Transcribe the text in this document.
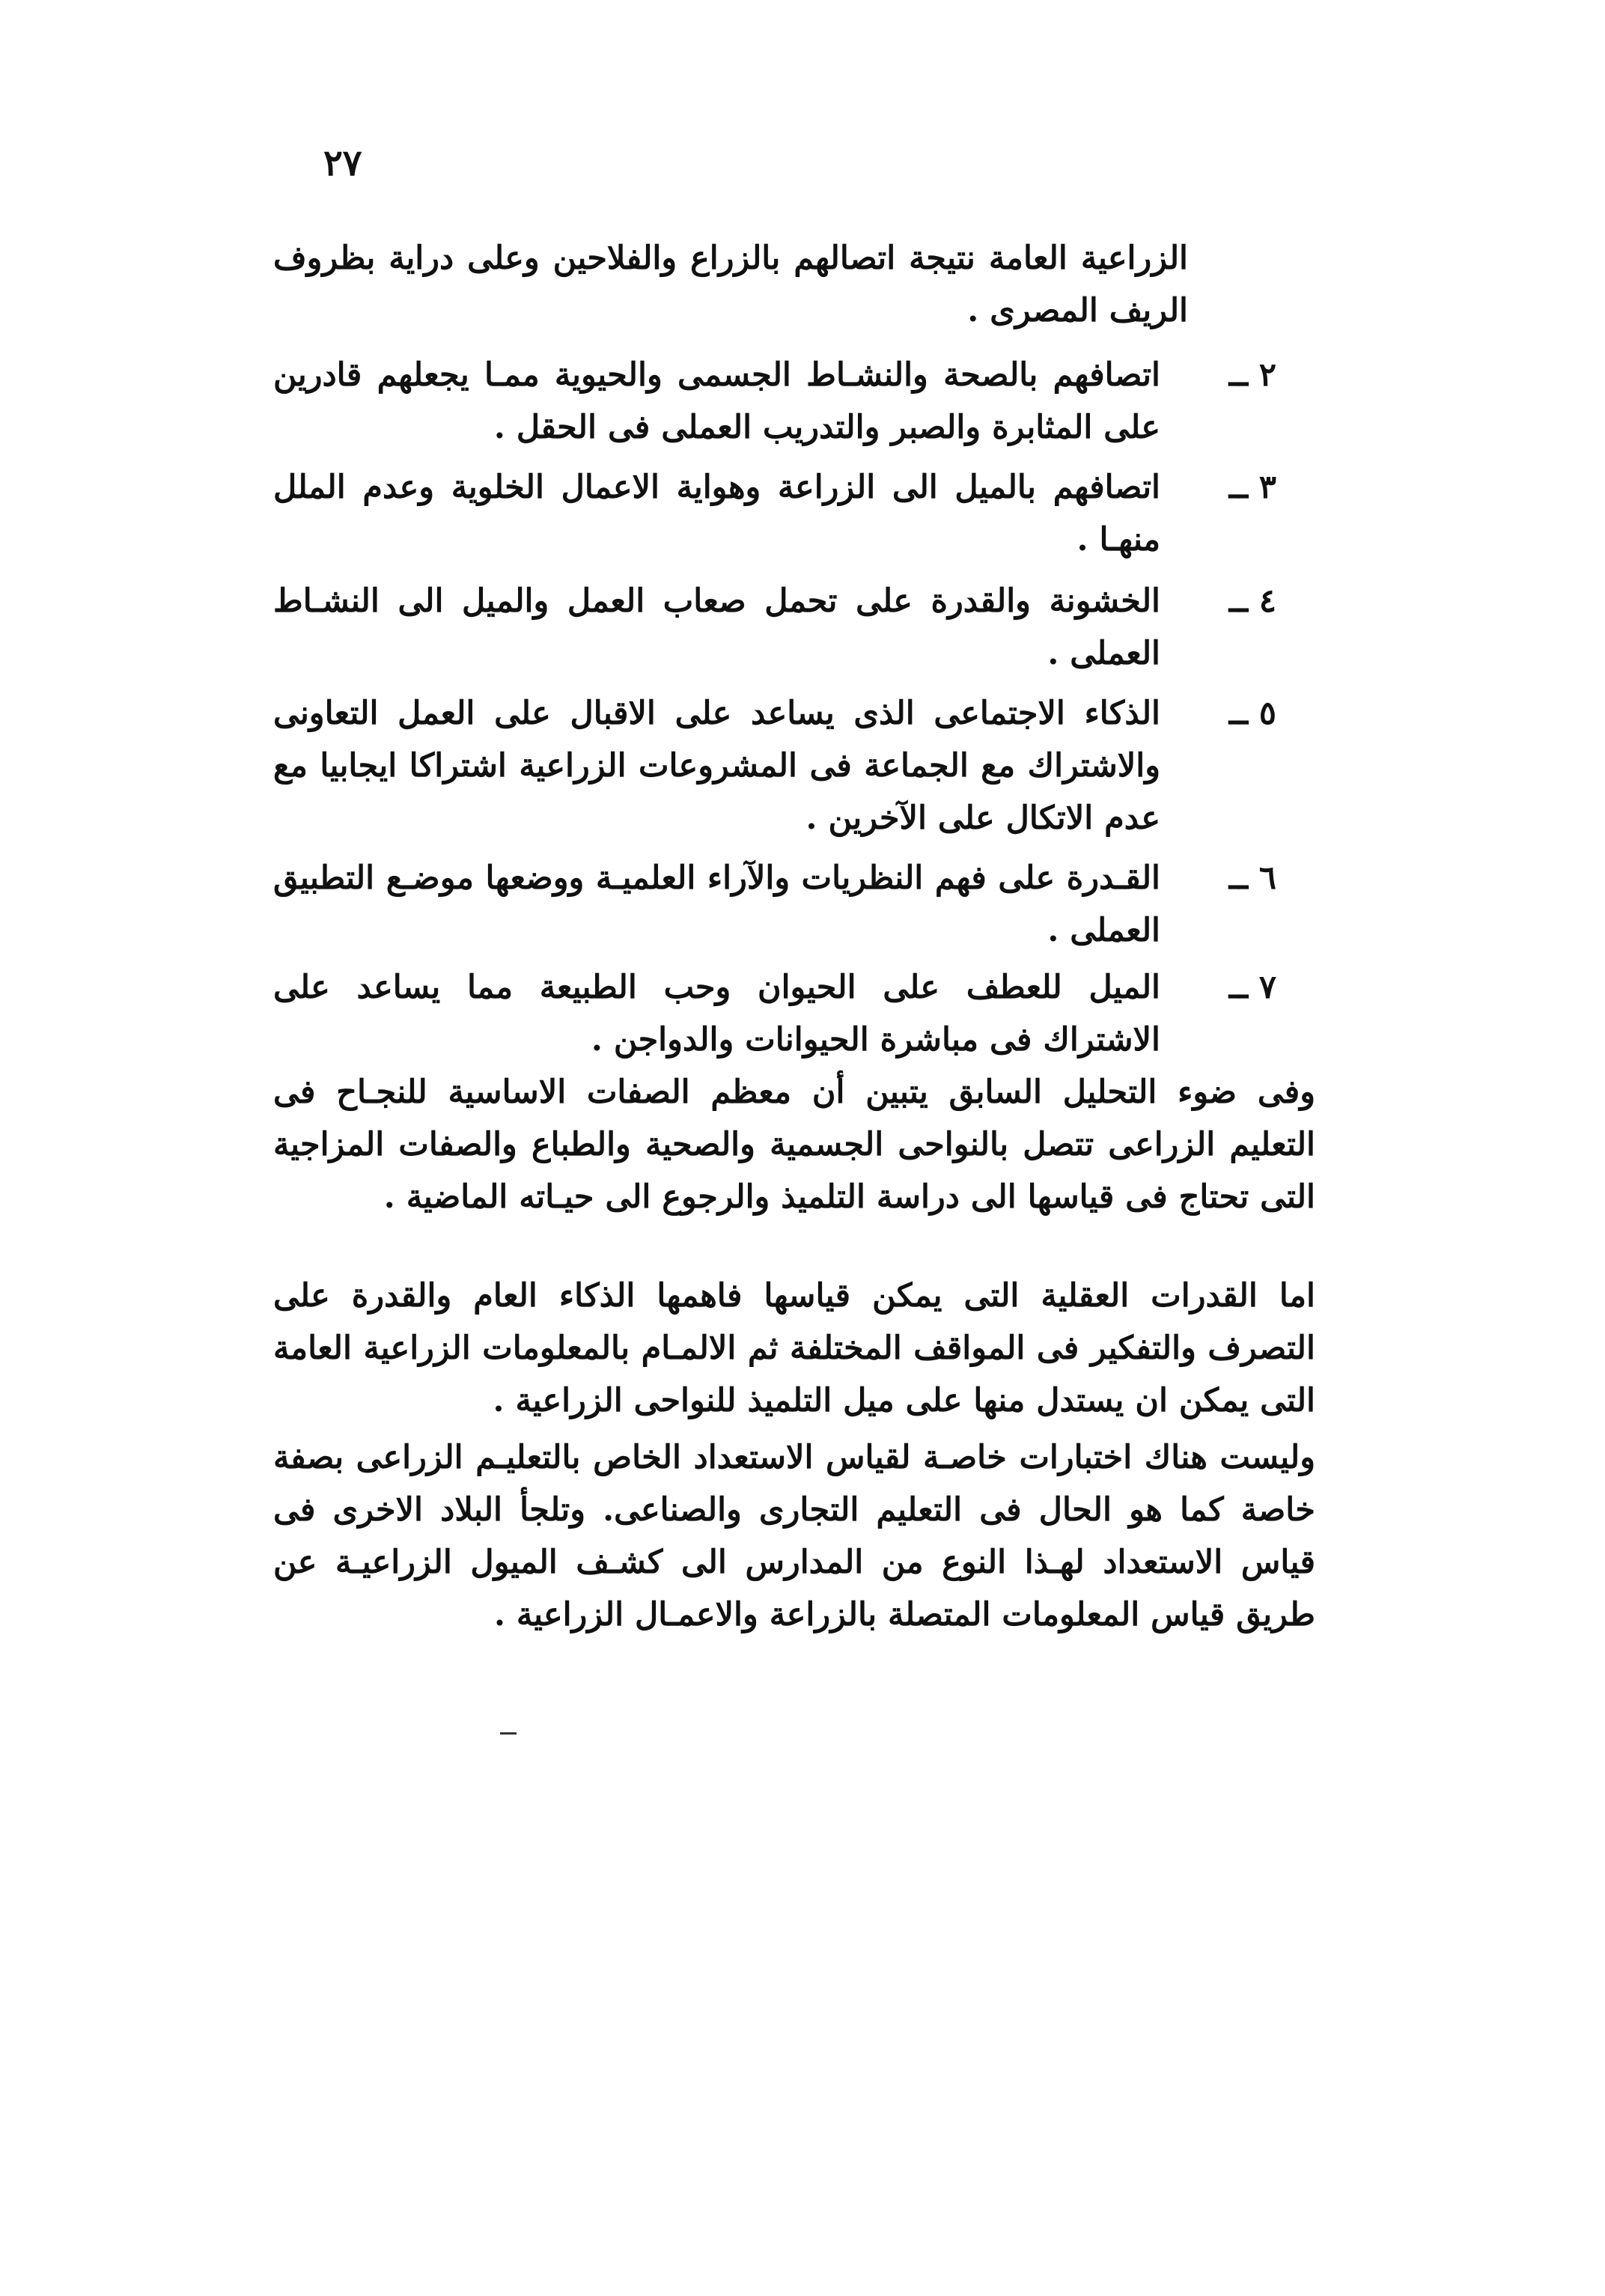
٢٧
الزراعية العامة نتيجة اتصالهم بالزراع والفلاحين وعلى دراية بظروف الريف المصرى .
٢ ــ
اتصافهم بالصحة والنشـاط الجسمى والحيوية ممـا يجعلهم قادرين على المثابرة والصبر والتدريب العملى فى الحقل .
٣ ــ
اتصافهم بالميل الى الزراعة وهواية الاعمال الخلوية وعدم الملل منهـا .
٤ ــ
الخشونة والقدرة على تحمل صعاب العمل والميل الى النشـاط العملى .
٥ ــ
الذكاء الاجتماعى الذى يساعد على الاقبال على العمل التعاونى والاشتراك مع الجماعة فى المشروعات الزراعية اشتراكا ايجابيا مع عدم الاتكال على الآخرين .
٦ ــ
القـدرة على فهم النظريات والآراء العلميـة ووضعها موضـع التطبيق العملى .
٧ ــ
الميل للعطف على الحيوان وحب الطبيعة مما يساعد على الاشتراك فى مباشرة الحيوانات والدواجن .
وفى ضوء التحليل السابق يتبين أن معظم الصفات الاساسية للنجـاح فى التعليم الزراعى تتصل بالنواحى الجسمية والصحية والطباع والصفات المزاجية التى تحتاج فى قياسها الى دراسة التلميذ والرجوع الى حيـاته الماضية .
اما القدرات العقلية التى يمكن قياسها فاهمها الذكاء العام والقدرة على التصرف والتفكير فى المواقف المختلفة ثم الالمـام بالمعلومات الزراعية العامة التى يمكن ان يستدل منها على ميل التلميذ للنواحى الزراعية .
وليست هناك اختبارات خاصـة لقياس الاستعداد الخاص بالتعليـم الزراعى بصفة خاصة كما هو الحال فى التعليم التجارى والصناعى. وتلجأ البلاد الاخرى فى قياس الاستعداد لهـذا النوع من المدارس الى كشـف الميول الزراعيـة عن طريق قياس المعلومات المتصلة بالزراعة والاعمـال الزراعية .
